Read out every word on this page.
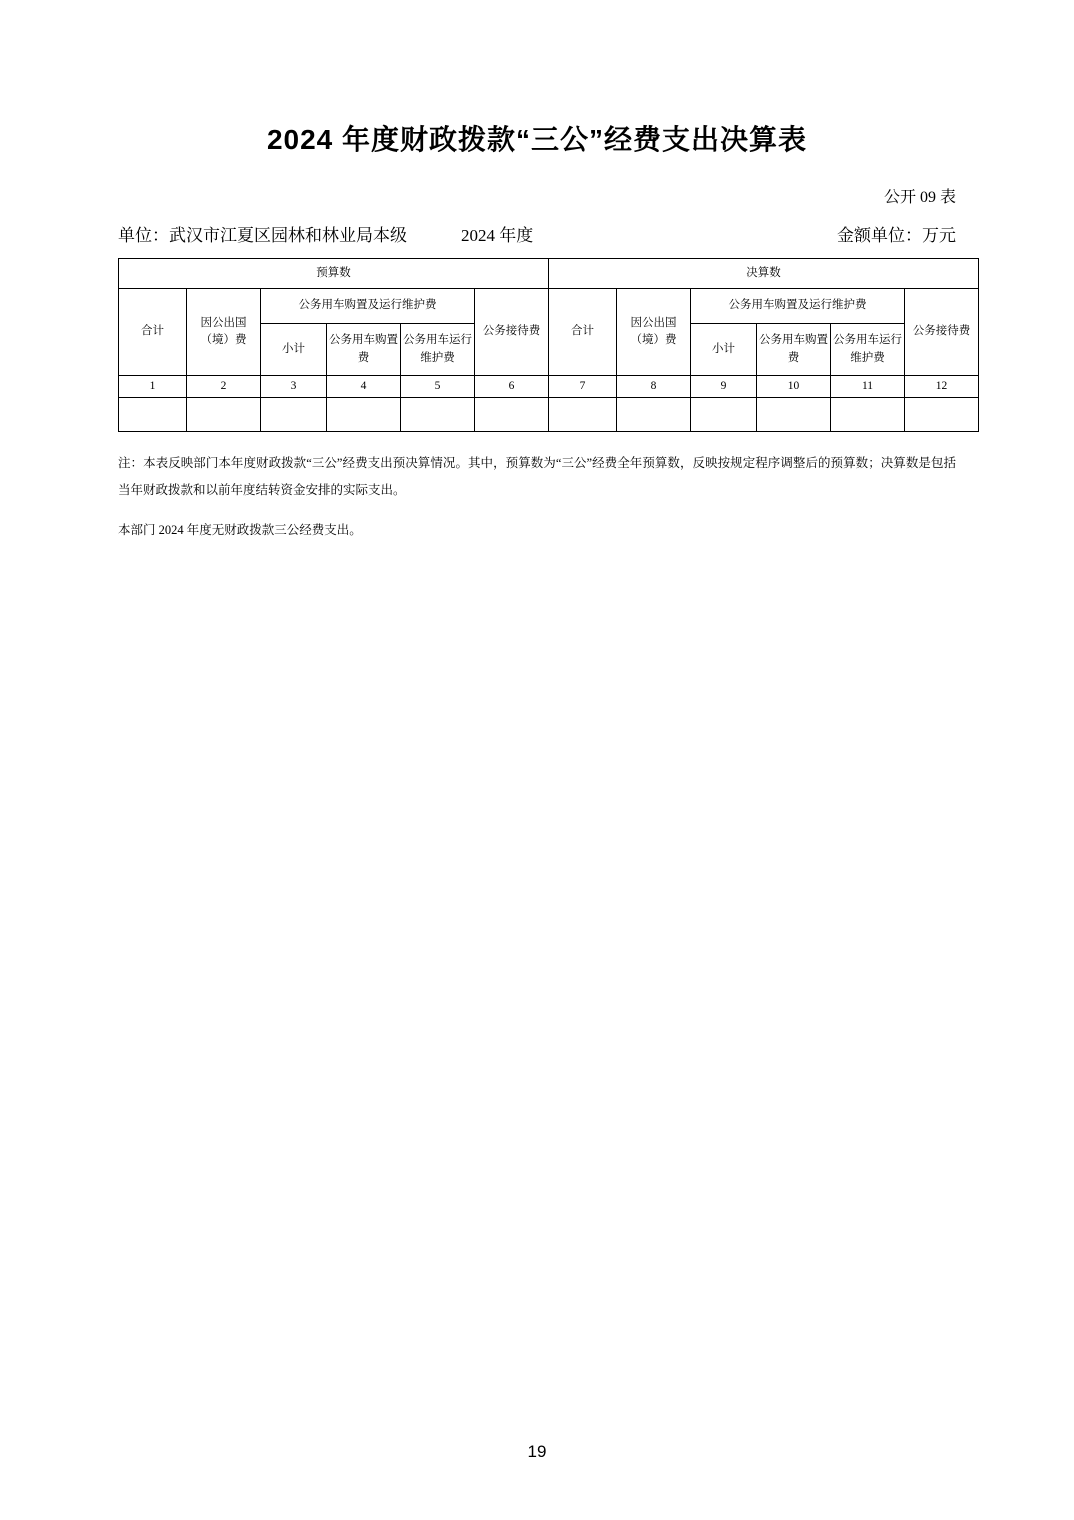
2024 年度财政拨款“三公”经费支出决算表
公开 09 表
单位：武汉市江夏区园林和林业局本级	2024 年度	金额单位：万元
预算数						决算数					
合计	因公出国（境）费	公务用车购置及运行维护费			公务接待费	合计	因公出国（境）费	公务用车购置及运行维护费			公务接待费
		小计	公务用车购置费	公务用车运行维护费				小计	公务用车购置费	公务用车运行维护费	
1	2	3	4	5	6	7	8	9	10	11	12

注：本表反映部门本年度财政拨款“三公”经费支出预决算情况。其中，预算数为“三公”经费全年预算数，反映按规定程序调整后的预算数；决算数是包括当年财政拨款和以前年度结转资金安排的实际支出。

本部门 2024 年度无财政拨款三公经费支出。

19
